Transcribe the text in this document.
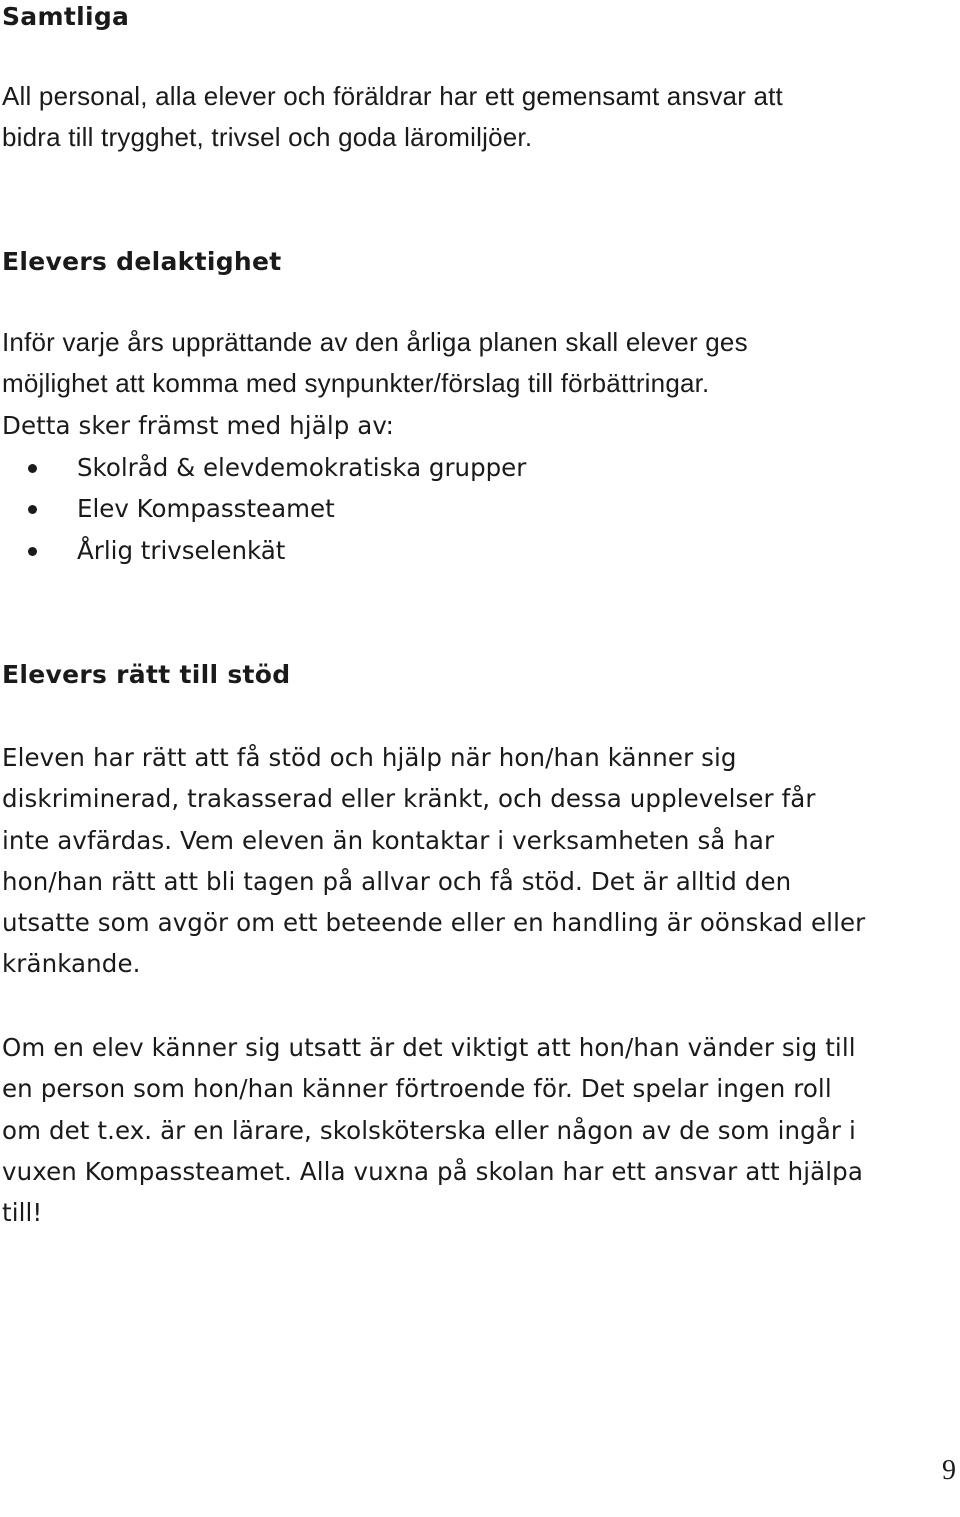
Samtliga

All personal, alla elever och föräldrar har ett gemensamt ansvar att
bidra till trygghet, trivsel och goda läromiljöer.

Elevers delaktighet

Inför varje års upprättande av den årliga planen skall elever ges
möjlighet att komma med synpunkter/förslag till förbättringar.

Detta sker främst med hjälp av:

Skolråd & elevdemokratiska grupper
Elev Kompassteamet
Årlig trivselenkät
Elevers rätt till stöd

Eleven har rätt att få stöd och hjälp när hon/han känner sig
diskriminerad, trakasserad eller kränkt, och dessa upplevelser får
inte avfärdas. Vem eleven än kontaktar i verksamheten så har
hon/han rätt att bli tagen på allvar och få stöd. Det är alltid den
utsatte som avgör om ett beteende eller en handling är oönskad eller
kränkande.

Om en elev känner sig utsatt är det viktigt att hon/han vänder sig till
en person som hon/han känner förtroende för. Det spelar ingen roll
om det t.ex. är en lärare, skolsköterska eller någon av de som ingår i
vuxen Kompassteamet. Alla vuxna på skolan har ett ansvar att hjälpa
till!

9
